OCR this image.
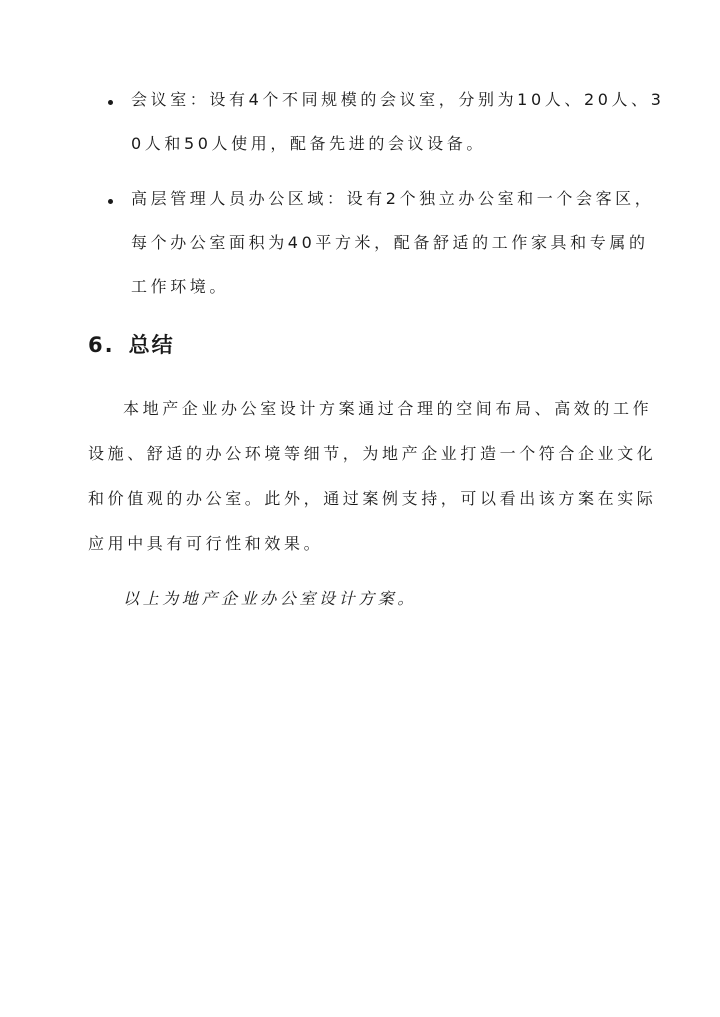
会议室：设有4个不同规模的会议室，分别为10人、20人、3
0人和50人使用，配备先进的会议设备。
高层管理人员办公区域：设有2个独立办公室和一个会客区，
每个办公室面积为40平方米，配备舒适的工作家具和专属的
工作环境。
6. 总结
本地产企业办公室设计方案通过合理的空间布局、高效的工作
设施、舒适的办公环境等细节，为地产企业打造一个符合企业文化
和价值观的办公室。此外，通过案例支持，可以看出该方案在实际
应用中具有可行性和效果。
以上为地产企业办公室设计方案。
